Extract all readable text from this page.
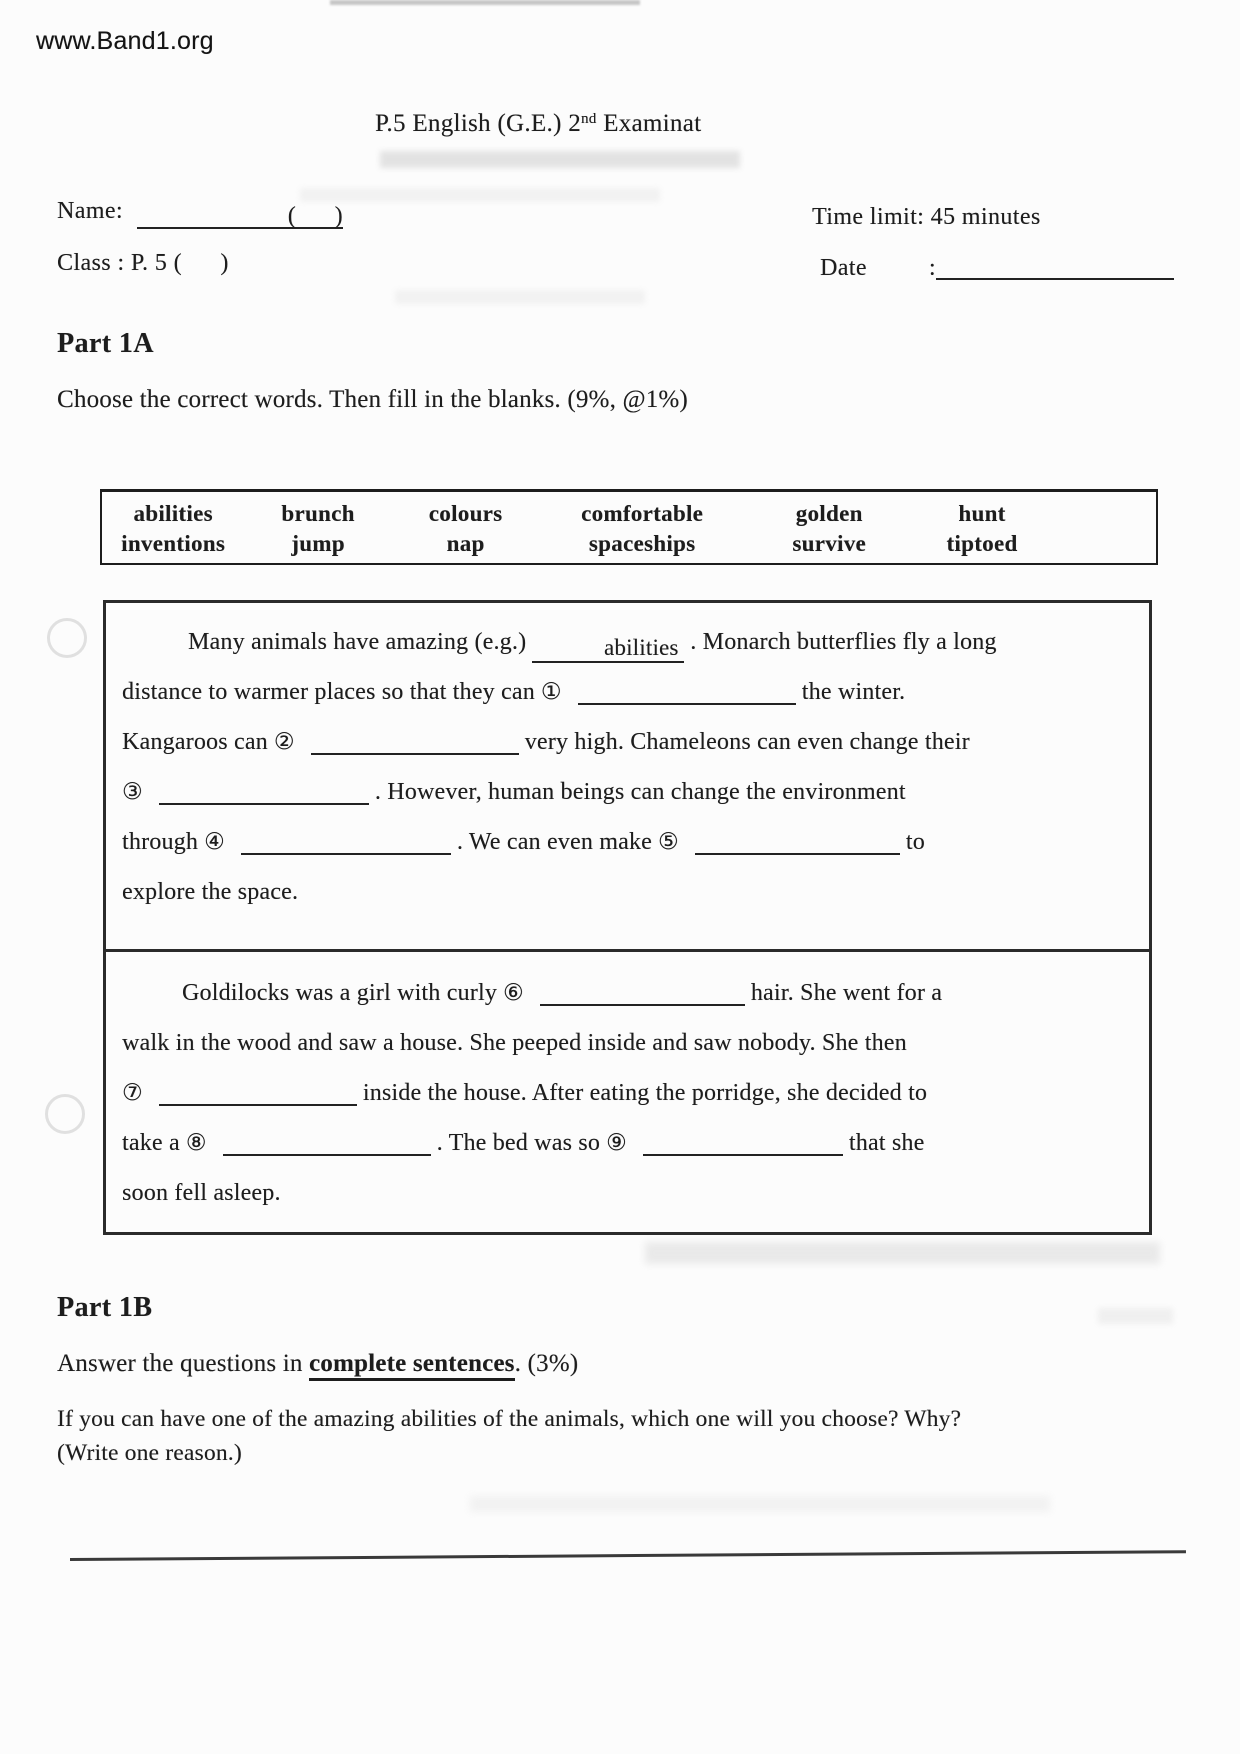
www.Band1.org
P.5 English (G.E.) 2nd Examinat
Name:	(      )	Time limit: 45 minutes
Class : P. 5 (      )	Date	:
Part 1A
Choose the correct words. Then fill in the blanks. (9%, @1%)
abilities	brunch	colours	comfortable	golden	hunt
inventions	jump	nap	spaceships	survive	tiptoed
Many animals have amazing (e.g.)	abilities . Monarch butterflies fly a long
distance to warmer places so that they can ①	the winter.
Kangaroos can ②	very high. Chameleons can even change their
③	. However, human beings can change the environment
through ④	. We can even make ⑤	to
explore the space.
Goldilocks was a girl with curly ⑥	hair. She went for a
walk in the wood and saw a house. She peeped inside and saw nobody. She then
⑦	inside the house. After eating the porridge, she decided to
take a ⑧	. The bed was so ⑨	that she
soon fell asleep.
Part 1B
Answer the questions in complete sentences. (3%)
If you can have one of the amazing abilities of the animals, which one will you choose? Why?
(Write one reason.)
